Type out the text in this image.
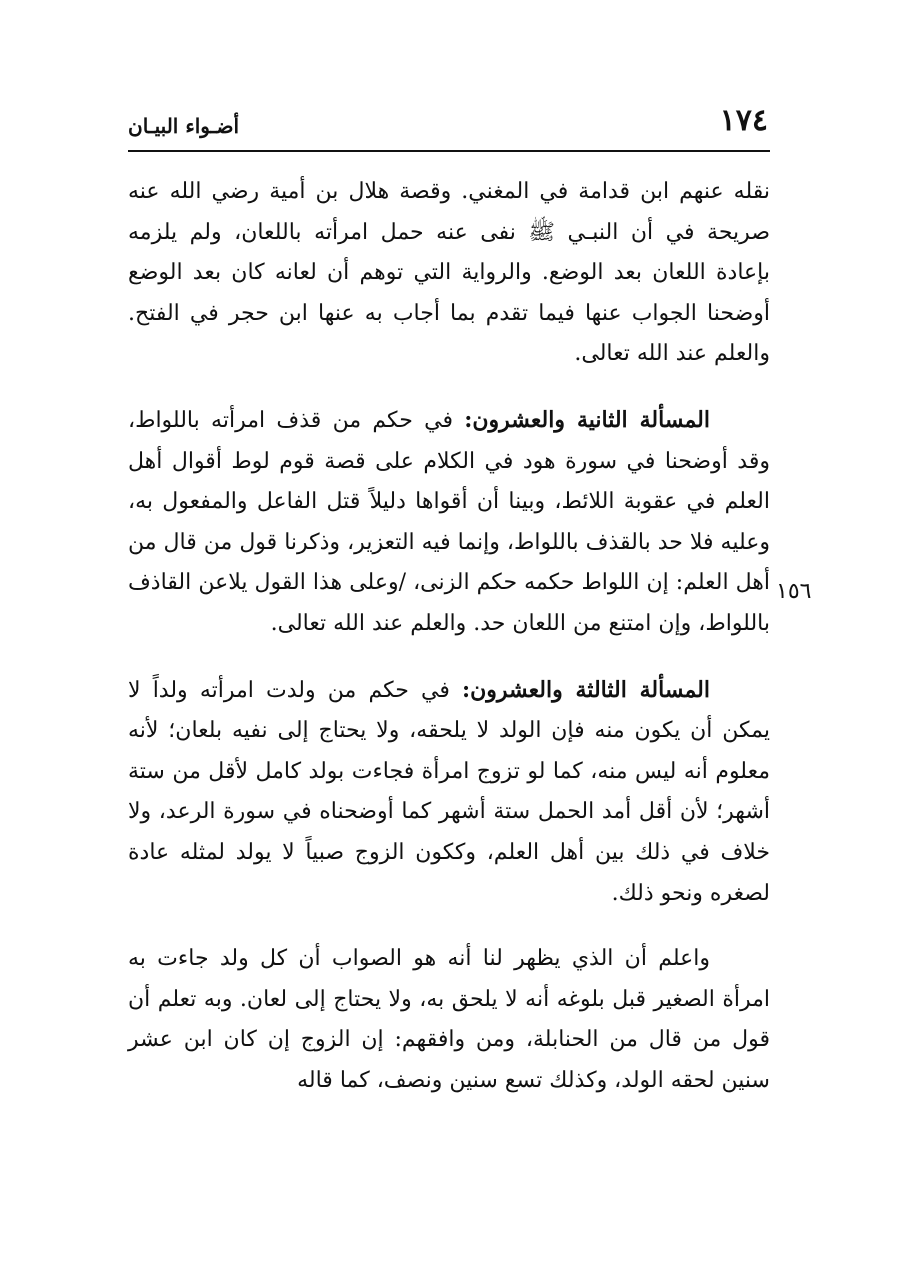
١٧٤
أضـواء البيـان
١٥٦

نقله عنهم ابن قدامة في المغني. وقصة هلال بن أمية رضي الله عنه صريحة في أن النبـي ﷺ نفى عنه حمل امرأته باللعان، ولم يلزمه بإعادة اللعان بعد الوضع. والرواية التي توهم أن لعانه كان بعد الوضع أوضحنا الجواب عنها فيما تقدم بما أجاب به عنها ابن حجر في الفتح. والعلم عند الله تعالى.

المسألة الثانية والعشرون: في حكم من قذف امرأته باللواط، وقد أوضحنا في سورة هود في الكلام على قصة قوم لوط أقوال أهل العلم في عقوبة اللائط، وبينا أن أقواها دليلاً قتل الفاعل والمفعول به، وعليه فلا حد بالقذف باللواط، وإنما فيه التعزير، وذكرنا قول من قال من أهل العلم: إن اللواط حكمه حكم الزنى، /وعلى هذا القول يلاعن القاذف باللواط، وإن امتنع من اللعان حد. والعلم عند الله تعالى.

المسألة الثالثة والعشرون: في حكم من ولدت امرأته ولداً لا يمكن أن يكون منه فإن الولد لا يلحقه، ولا يحتاج إلى نفيه بلعان؛ لأنه معلوم أنه ليس منه، كما لو تزوج امرأة فجاءت بولد كامل لأقل من ستة أشهر؛ لأن أقل أمد الحمل ستة أشهر كما أوضحناه في سورة الرعد، ولا خلاف في ذلك بين أهل العلم، وككون الزوج صبياً لا يولد لمثله عادة لصغره ونحو ذلك.

واعلم أن الذي يظهر لنا أنه هو الصواب أن كل ولد جاءت به امرأة الصغير قبل بلوغه أنه لا يلحق به، ولا يحتاج إلى لعان. وبه تعلم أن قول من قال من الحنابلة، ومن وافقهم: إن الزوج إن كان ابن عشر سنين لحقه الولد، وكذلك تسع سنين ونصف، كما قاله
